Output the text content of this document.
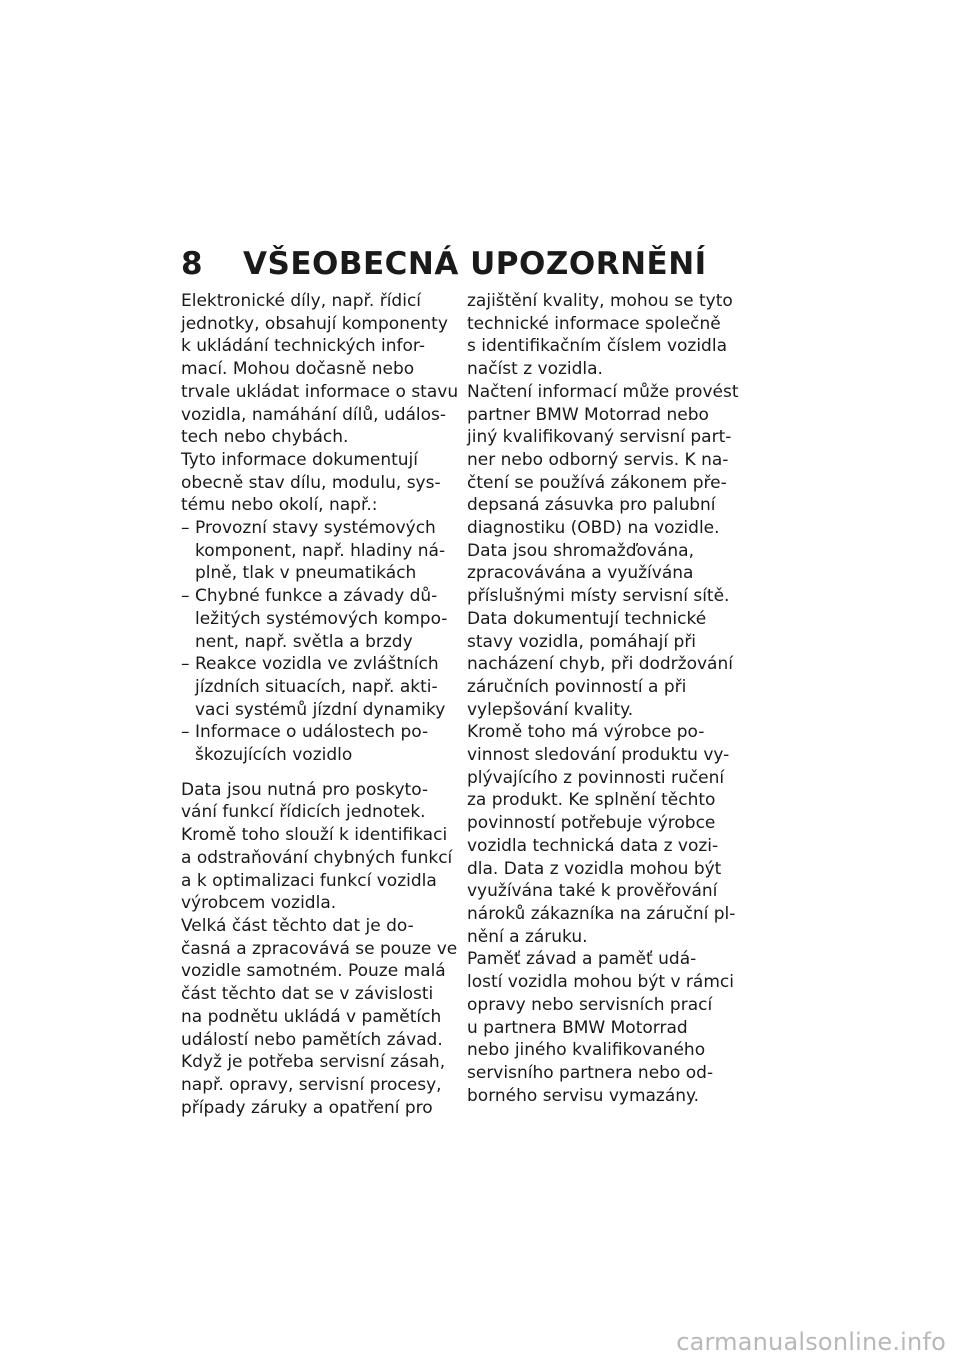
8 VŠEOBECNÁ UPOZORNĚNÍ
Elektronické díly, např. řídicí
jednotky, obsahují komponenty
k ukládání technických infor-
mací. Mohou dočasně nebo
trvale ukládat informace o stavu
vozidla, namáhání dílů, událos-
tech nebo chybách.
Tyto informace dokumentují
obecně stav dílu, modulu, sys-
tému nebo okolí, např.:
– Provozní stavy systémových
komponent, např. hladiny ná-
plně, tlak v pneumatikách
– Chybné funkce a závady dů-
ležitých systémových kompo-
nent, např. světla a brzdy
– Reakce vozidla ve zvláštních
jízdních situacích, např. akti-
vaci systémů jízdní dynamiky
– Informace o událostech po-
škozujících vozidlo
Data jsou nutná pro poskyto-
vání funkcí řídicích jednotek.
Kromě toho slouží k identifikaci
a odstraňování chybných funkcí
a k optimalizaci funkcí vozidla
výrobcem vozidla.
Velká část těchto dat je do-
časná a zpracovává se pouze ve
vozidle samotném. Pouze malá
část těchto dat se v závislosti
na podnětu ukládá v pamětích
událostí nebo pamětích závad.
Když je potřeba servisní zásah,
např. opravy, servisní procesy,
případy záruky a opatření pro
zajištění kvality, mohou se tyto
technické informace společně
s identifikačním číslem vozidla
načíst z vozidla.
Načtení informací může provést
partner BMW Motorrad nebo
jiný kvalifikovaný servisní part-
ner nebo odborný servis. K na-
čtení se používá zákonem pře-
depsaná zásuvka pro palubní
diagnostiku (OBD) na vozidle.
Data jsou shromažďována,
zpracovávána a využívána
příslušnými místy servisní sítě.
Data dokumentují technické
stavy vozidla, pomáhají při
nacházení chyb, při dodržování
záručních povinností a při
vylepšování kvality.
Kromě toho má výrobce po-
vinnost sledování produktu vy-
plývajícího z povinnosti ručení
za produkt. Ke splnění těchto
povinností potřebuje výrobce
vozidla technická data z vozi-
dla. Data z vozidla mohou být
využívána také k prověřování
nároků zákazníka na záruční pl-
nění a záruku.
Paměť závad a paměť udá-
lostí vozidla mohou být v rámci
opravy nebo servisních prací
u partnera BMW Motorrad
nebo jiného kvalifikovaného
servisního partnera nebo od-
borného servisu vymazány.
carmanualsonline.info
